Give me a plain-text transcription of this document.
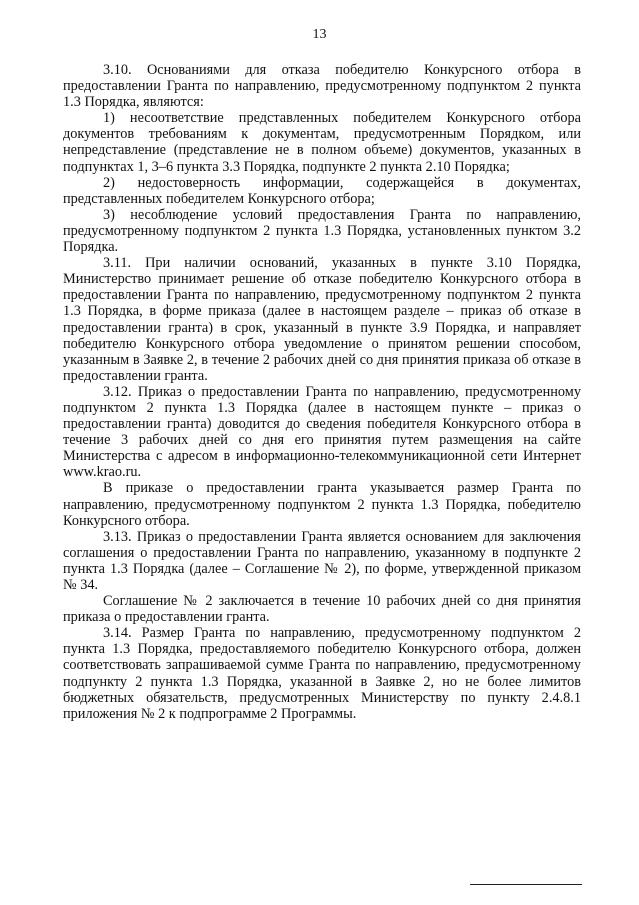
13

3.10. Основаниями для отказа победителю Конкурсного отбора в предоставлении Гранта по направлению, предусмотренному подпунктом 2 пункта 1.3 Порядка, являются:

1) несоответствие представленных победителем Конкурсного отбора документов требованиям к документам, предусмотренным Порядком, или непредставление (представление не в полном объеме) документов, указанных в подпунктах 1, 3–6 пункта 3.3 Порядка, подпункте 2 пункта 2.10 Порядка;

2) недостоверность информации, содержащейся в документах, представленных победителем Конкурсного отбора;

3) несоблюдение условий предоставления Гранта по направлению, предусмотренному подпунктом 2 пункта 1.3 Порядка, установленных пунктом 3.2 Порядка.

3.11. При наличии оснований, указанных в пункте 3.10 Порядка, Министерство принимает решение об отказе победителю Конкурсного отбора в предоставлении Гранта по направлению, предусмотренному подпунктом 2 пункта 1.3 Порядка, в форме приказа (далее в настоящем разделе – приказ об отказе в предоставлении гранта) в срок, указанный в пункте 3.9 Порядка, и направляет победителю Конкурсного отбора уведомление о принятом решении способом, указанным в Заявке 2, в течение 2 рабочих дней со дня принятия приказа об отказе в предоставлении гранта.

3.12. Приказ о предоставлении Гранта по направлению, предусмотренному подпунктом 2 пункта 1.3 Порядка (далее в настоящем пункте – приказ о предоставлении гранта) доводится до сведения победителя Конкурсного отбора в течение 3 рабочих дней со дня его принятия путем размещения на сайте Министерства с адресом в информационно-телекоммуникационной сети Интернет www.krao.ru.

В приказе о предоставлении гранта указывается размер Гранта по направлению, предусмотренному подпунктом 2 пункта 1.3 Порядка, победителю Конкурсного отбора.

3.13. Приказ о предоставлении Гранта является основанием для заключения соглашения о предоставлении Гранта по направлению, указанному в подпункте 2 пункта 1.3 Порядка (далее – Соглашение № 2), по форме, утвержденной приказом № 34.

Соглашение № 2 заключается в течение 10 рабочих дней со дня принятия приказа о предоставлении гранта.

3.14. Размер Гранта по направлению, предусмотренному подпунктом 2 пункта 1.3 Порядка, предоставляемого победителю Конкурсного отбора, должен соответствовать запрашиваемой сумме Гранта по направлению, предусмотренному подпункту 2 пункта 1.3 Порядка, указанной в Заявке 2, но не более лимитов бюджетных обязательств, предусмотренных Министерству по пункту 2.4.8.1 приложения № 2 к подпрограмме 2 Программы.
